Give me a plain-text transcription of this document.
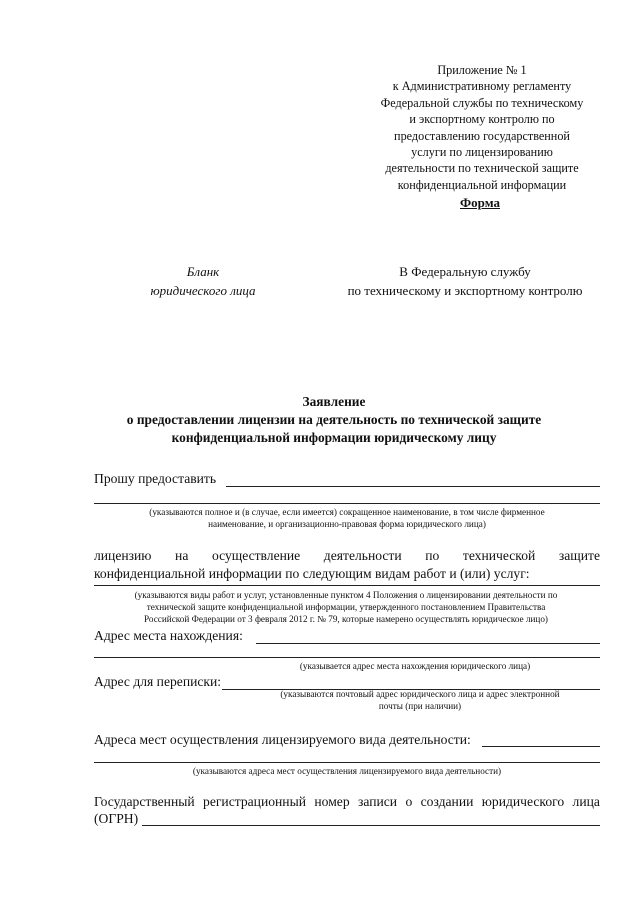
Приложение № 1
к Административному регламенту
Федеральной службы по техническому
и экспортному контролю по
предоставлению государственной
услуги по лицензированию
деятельности по технической защите
конфиденциальной информации
Форма
Бланк
юридического лица
В Федеральную службу
по техническому и экспортному контролю
Заявление
о предоставлении лицензии на деятельность по технической защите
конфиденциальной информации юридическому лицу
Прошу предоставить
(указываются полное и (в случае, если имеется) сокращенное наименование, в том числе фирменное
наименование, и организационно-правовая форма юридического лица)
лицензию на осуществление деятельности по технической защите
конфиденциальной информации по следующим видам работ и (или) услуг:
(указываются виды работ и услуг, установленные пунктом 4 Положения о лицензировании деятельности по
технической защите конфиденциальной информации, утвержденного постановлением Правительства
Российской Федерации от 3 февраля 2012 г. № 79, которые намерено осуществлять юридическое лицо)
Адрес места нахождения:
(указывается адрес места нахождения юридического лица)
Адрес для переписки:
(указываются почтовый адрес юридического лица и адрес электронной
почты (при наличии)
Адреса мест осуществления лицензируемого вида деятельности:
(указываются адреса мест осуществления лицензируемого вида деятельности)
Государственный регистрационный номер записи о создании юридического лица
(ОГРН)
